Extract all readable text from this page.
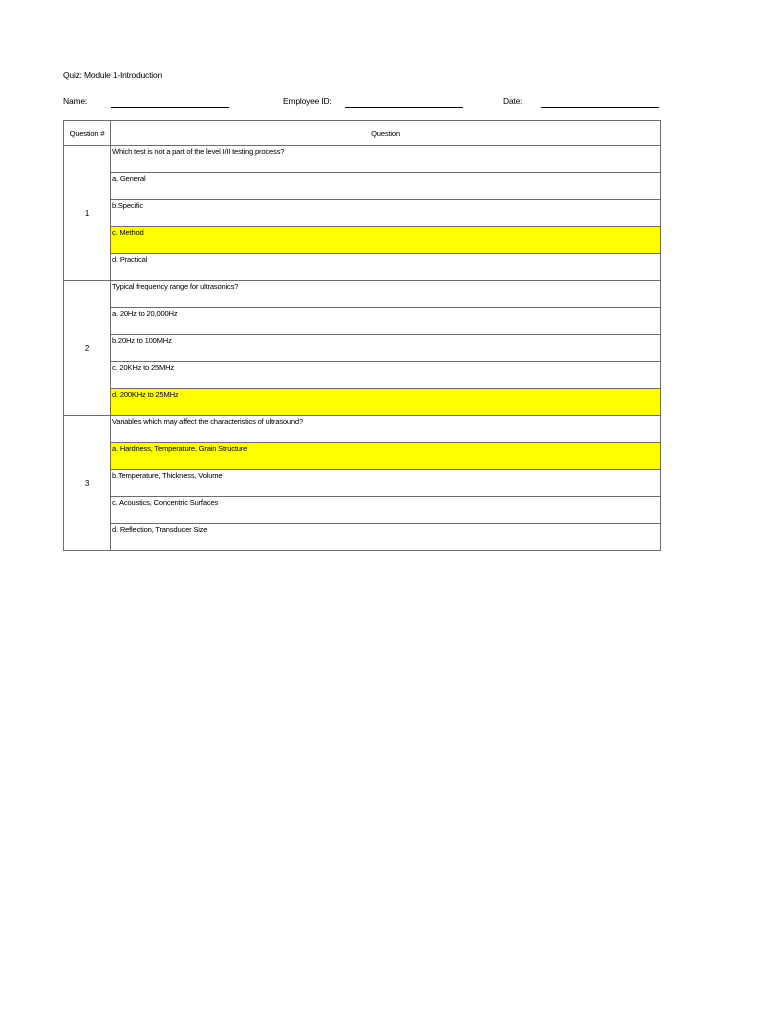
Quiz: Module 1-Introduction
Name:	Employee ID:	Date:
Question #	Question
1	Which test is not a part of the level I/II testing process?
	a. General
	b.Specific
	c. Method
	d. Practical
2	Typical frequency range for ultrasonics?
	a. 20Hz to 20,000Hz
	b.20Hz to 100MHz
	c. 20KHz to 25MHz
	d. 200KHz to 25MHz
3	Variables which may affect the characteristics of ultrasound?
	a. Hardness, Temperature, Grain Structure
	b.Temperature, Thickness, Volume
	c. Acoustics, Concentric Surfaces
	d. Reflection, Transducer Size
